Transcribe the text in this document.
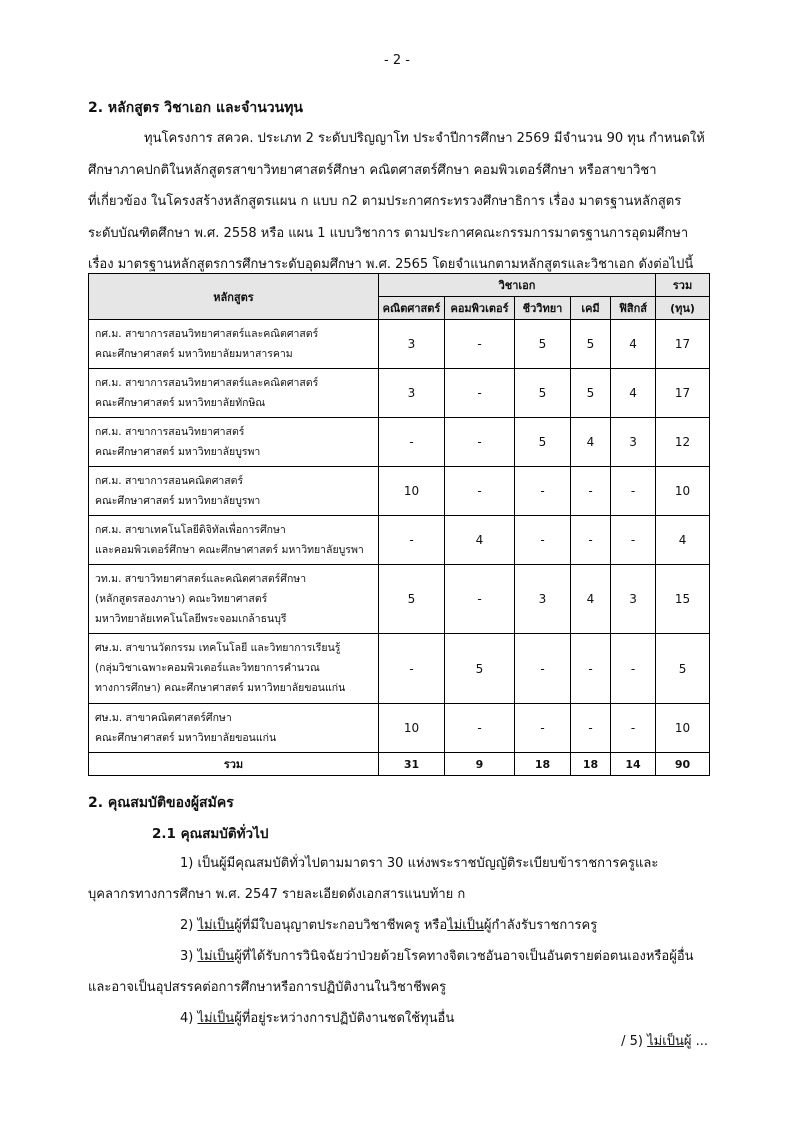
- 2 -
2. หลักสูตร วิชาเอก และจำนวนทุน
ทุนโครงการ สควค. ประเภท 2 ระดับปริญญาโท ประจำปีการศึกษา 2569 มีจำนวน 90 ทุน กำหนดให้
ศึกษาภาคปกติในหลักสูตรสาขาวิทยาศาสตร์ศึกษา คณิตศาสตร์ศึกษา คอมพิวเตอร์ศึกษา หรือสาขาวิชา
ที่เกี่ยวข้อง ในโครงสร้างหลักสูตรแผน ก แบบ ก2 ตามประกาศกระทรวงศึกษาธิการ เรื่อง มาตรฐานหลักสูตร
ระดับบัณฑิตศึกษา พ.ศ. 2558 หรือ แผน 1 แบบวิชาการ ตามประกาศคณะกรรมการมาตรฐานการอุดมศึกษา
เรื่อง มาตรฐานหลักสูตรการศึกษาระดับอุดมศึกษา พ.ศ. 2565 โดยจำแนกตามหลักสูตรและวิชาเอก ดังต่อไปนี้
หลักสูตร	วิชาเอก					รวม
	คณิตศาสตร์	คอมพิวเตอร์	ชีววิทยา	เคมี	ฟิสิกส์	(ทุน)

กศ.ม. สาขาการสอนวิทยาศาสตร์และคณิตศาสตร์
คณะศึกษาศาสตร์ มหาวิทยาลัยมหาสารคาม	3	-	5	5	4	17

กศ.ม. สาขาการสอนวิทยาศาสตร์และคณิตศาสตร์
คณะศึกษาศาสตร์ มหาวิทยาลัยทักษิณ	3	-	5	5	4	17

กศ.ม. สาขาการสอนวิทยาศาสตร์
คณะศึกษาศาสตร์ มหาวิทยาลัยบูรพา	-	-	5	4	3	12

กศ.ม. สาขาการสอนคณิตศาสตร์
คณะศึกษาศาสตร์ มหาวิทยาลัยบูรพา	10	-	-	-	-	10

กศ.ม. สาขาเทคโนโลยีดิจิทัลเพื่อการศึกษา
และคอมพิวเตอร์ศึกษา คณะศึกษาศาสตร์ มหาวิทยาลัยบูรพา	-	4	-	-	-	4

วท.ม. สาขาวิทยาศาสตร์และคณิตศาสตร์ศึกษา
(หลักสูตรสองภาษา) คณะวิทยาศาสตร์
มหาวิทยาลัยเทคโนโลยีพระจอมเกล้าธนบุรี	5	-	3	4	3	15

ศษ.ม. สาขานวัตกรรม เทคโนโลยี และวิทยาการเรียนรู้
(กลุ่มวิชาเฉพาะคอมพิวเตอร์และวิทยาการคำนวณ
ทางการศึกษา) คณะศึกษาศาสตร์ มหาวิทยาลัยขอนแก่น	-	5	-	-	-	5

ศษ.ม. สาขาคณิตศาสตร์ศึกษา
คณะศึกษาศาสตร์ มหาวิทยาลัยขอนแก่น	10	-	-	-	-	10
รวม	31	9	18	18	14	90
2. คุณสมบัติของผู้สมัคร
2.1 คุณสมบัติทั่วไป
1) เป็นผู้มีคุณสมบัติทั่วไปตามมาตรา 30 แห่งพระราชบัญญัติระเบียบข้าราชการครูและ
บุคลากรทางการศึกษา พ.ศ. 2547 รายละเอียดดังเอกสารแนบท้าย ก
2) ไม่เป็นผู้ที่มีใบอนุญาตประกอบวิชาชีพครู หรือไม่เป็นผู้กำลังรับราชการครู
3) ไม่เป็นผู้ที่ได้รับการวินิจฉัยว่าป่วยด้วยโรคทางจิตเวชอันอาจเป็นอันตรายต่อตนเองหรือผู้อื่น
และอาจเป็นอุปสรรคต่อการศึกษาหรือการปฏิบัติงานในวิชาชีพครู
4) ไม่เป็นผู้ที่อยู่ระหว่างการปฏิบัติงานชดใช้ทุนอื่น
/ 5) ไม่เป็นผู้ ...
